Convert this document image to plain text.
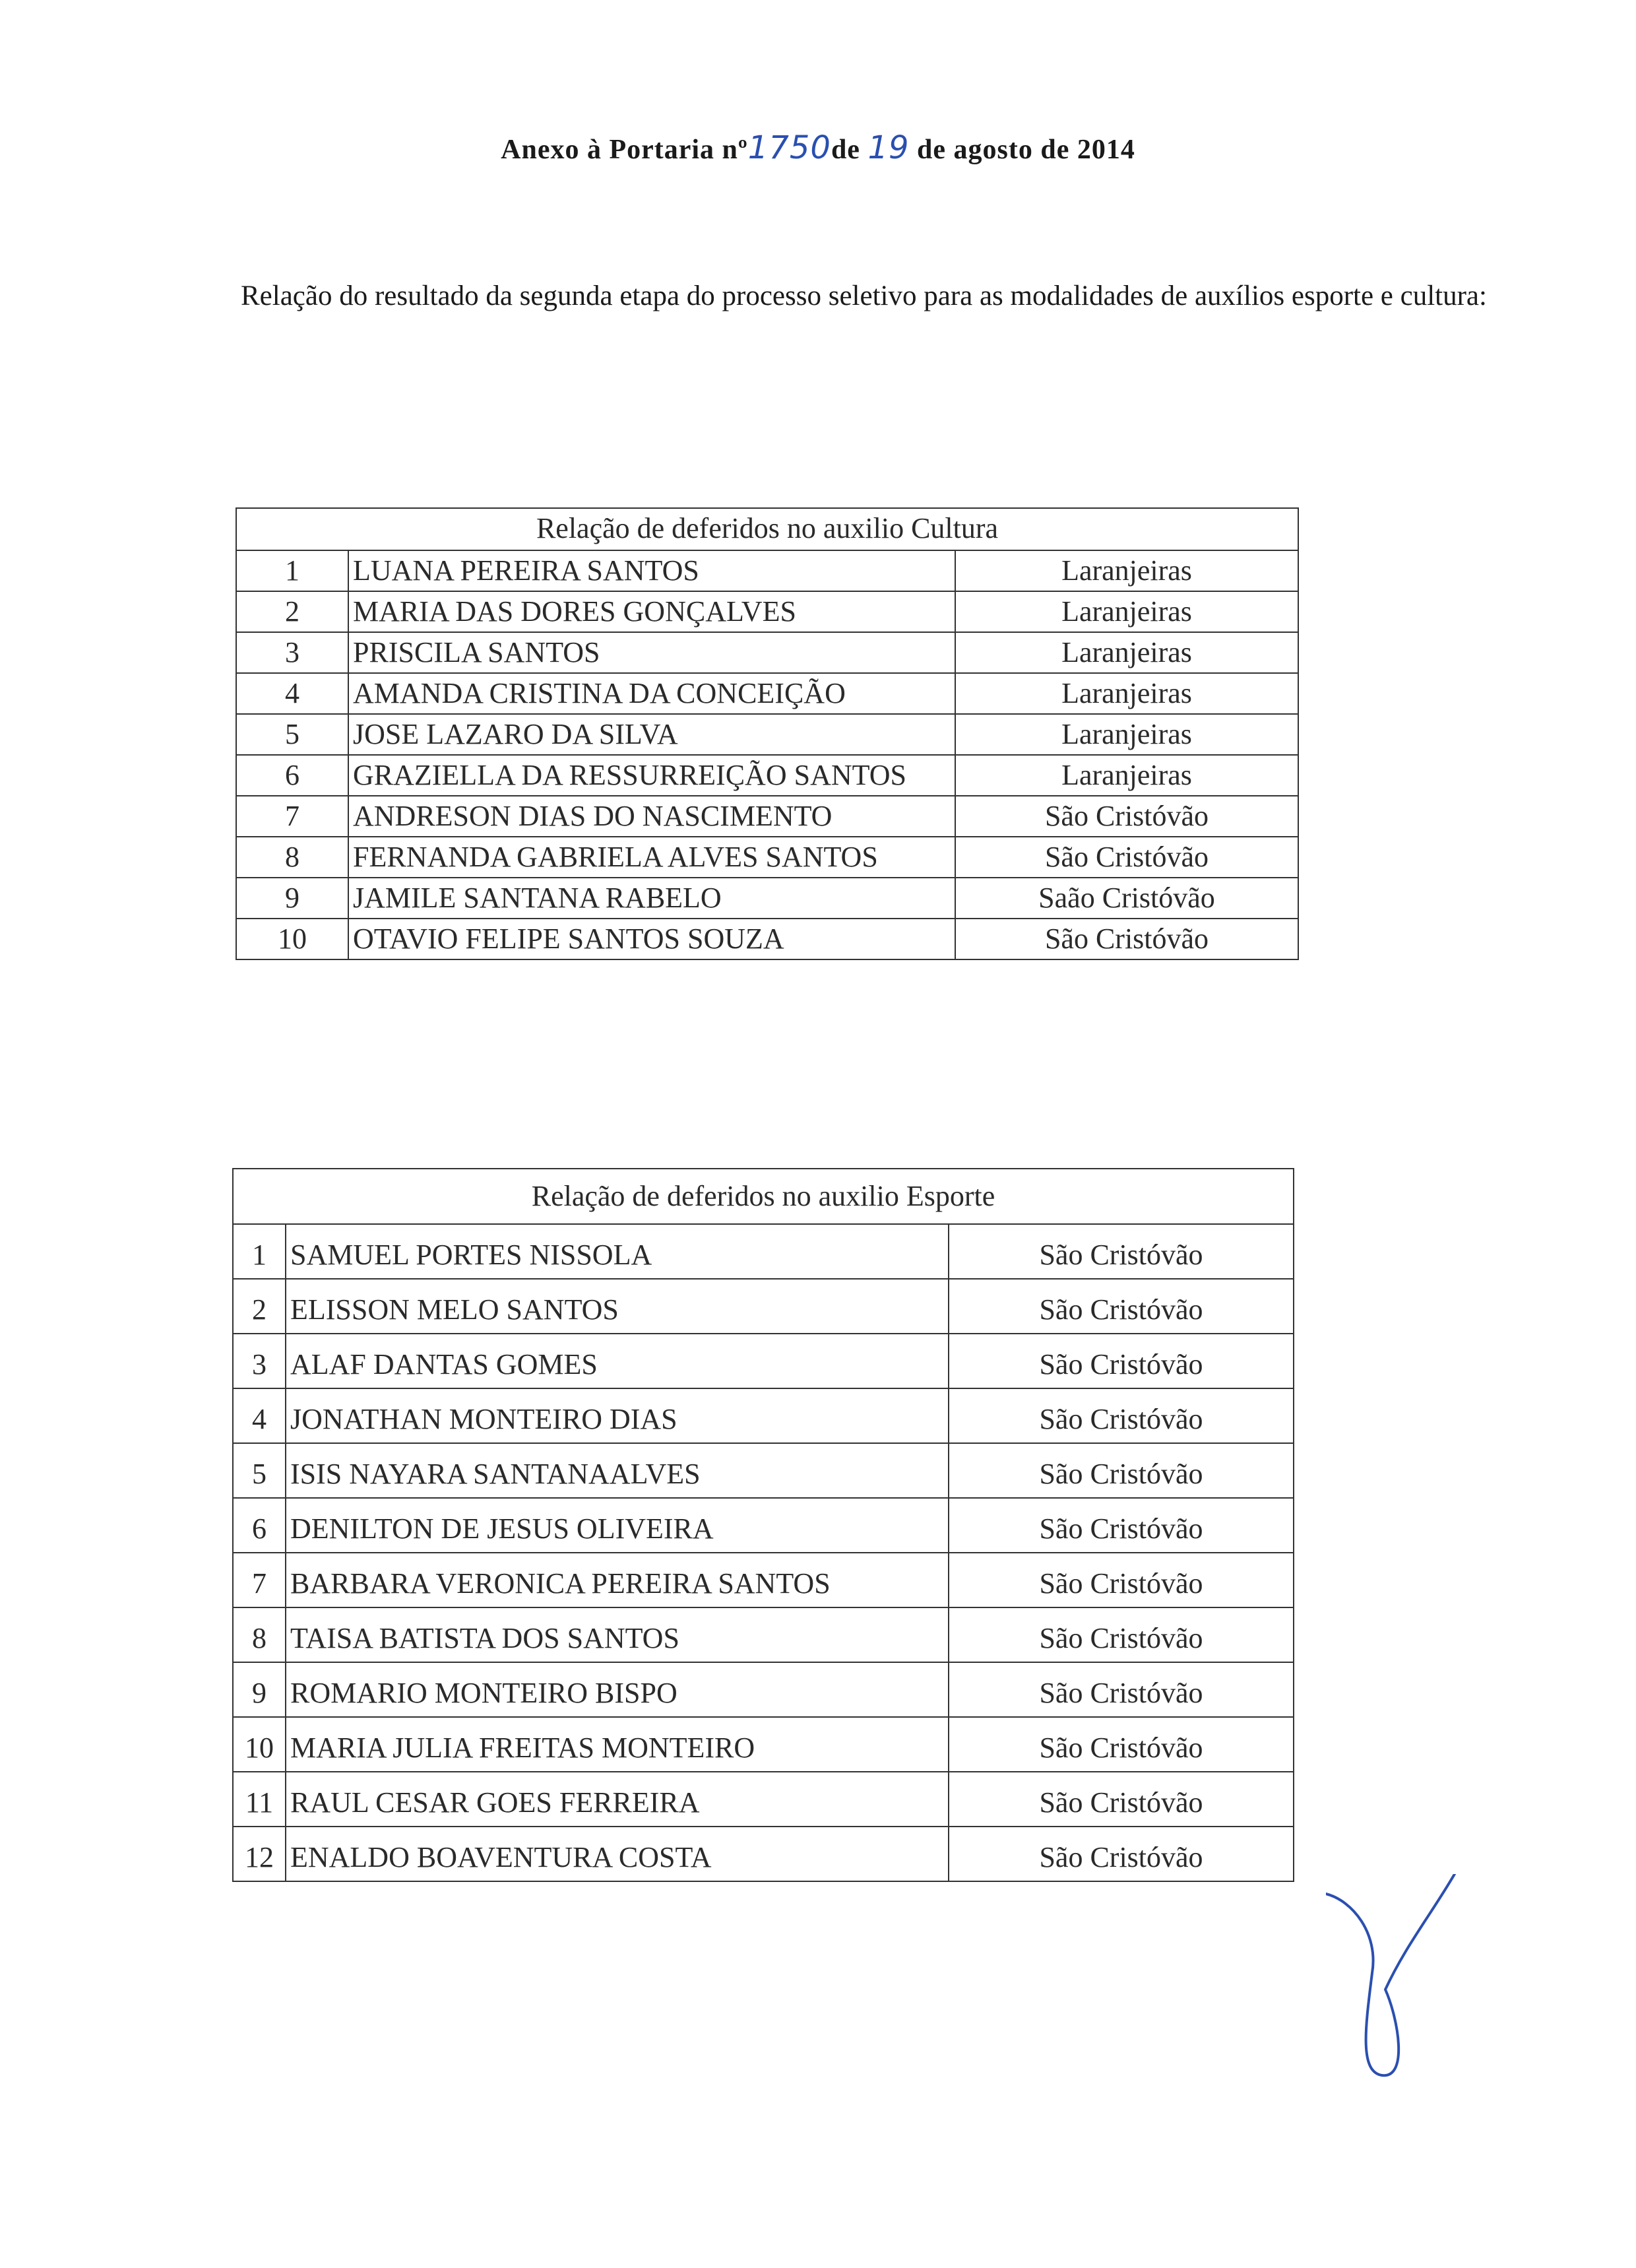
Anexo à Portaria nº1750de 19 de agosto de 2014
Relação do resultado da segunda etapa do processo seletivo para as modalidades de auxílios esporte e cultura:
Relação de deferidos no auxilio Cultura		
1	LUANA PEREIRA SANTOS	Laranjeiras
2	MARIA DAS DORES GONÇALVES	Laranjeiras
3	PRISCILA SANTOS	Laranjeiras
4	AMANDA CRISTINA DA CONCEIÇÃO	Laranjeiras
5	JOSE LAZARO DA SILVA	Laranjeiras
6	GRAZIELLA DA RESSURREIÇÃO SANTOS	Laranjeiras
7	ANDRESON DIAS DO NASCIMENTO	São Cristóvão
8	FERNANDA GABRIELA ALVES SANTOS	São Cristóvão
9	JAMILE SANTANA RABELO	Saão Cristóvão
10	OTAVIO FELIPE SANTOS SOUZA	São Cristóvão
Relação de deferidos no auxilio Esporte		
1	SAMUEL PORTES NISSOLA	São Cristóvão
2	ELISSON MELO SANTOS	São Cristóvão
3	ALAF DANTAS GOMES	São Cristóvão
4	JONATHAN MONTEIRO DIAS	São Cristóvão
5	ISIS NAYARA SANTANAALVES	São Cristóvão
6	DENILTON DE JESUS OLIVEIRA	São Cristóvão
7	BARBARA VERONICA PEREIRA SANTOS	São Cristóvão
8	TAISA BATISTA DOS SANTOS	São Cristóvão
9	ROMARIO MONTEIRO BISPO	São Cristóvão
10	MARIA JULIA FREITAS MONTEIRO	São Cristóvão
11	RAUL CESAR GOES FERREIRA	São Cristóvão
12	ENALDO BOAVENTURA COSTA	São Cristóvão
